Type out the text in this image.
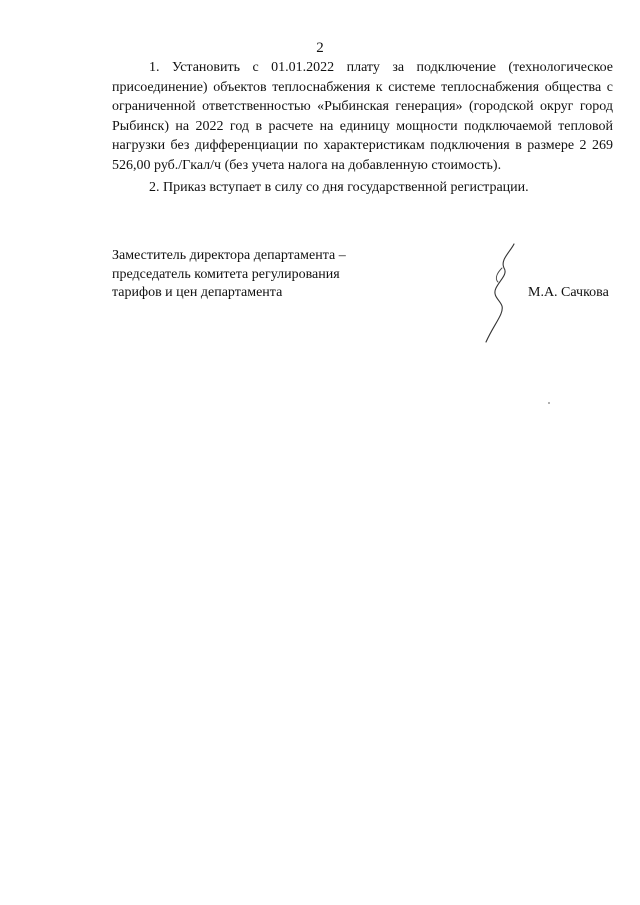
2

1. Установить с 01.01.2022 плату за подключение (технологическое присоединение) объектов теплоснабжения к системе теплоснабжения общества с ограниченной ответственностью «Рыбинская генерация» (городской округ город Рыбинск) на 2022 год в расчете на единицу мощности подключаемой тепловой нагрузки без дифференциации по характеристикам подключения в размере 2 269 526,00 руб./Гкал/ч (без учета налога на добавленную стоимость).

2. Приказ вступает в силу со дня государственной регистрации.

Заместитель директора департамента –
председатель комитета регулирования
тарифов и цен департамента	М.А. Сачкова
